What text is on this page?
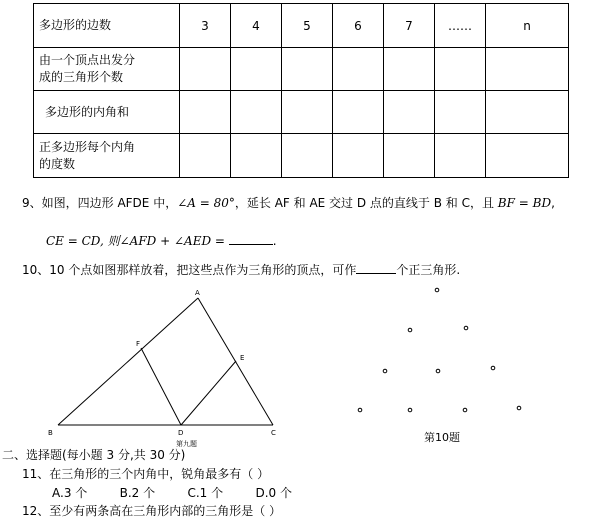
多边形的边数	3	4	5	6	7	……	n

由一个顶点出发分
成的三角形个数							

多边形的内角和							

正多边形每个内角
的度数							

9、如图，四边形 AFDE 中，∠A = 80°，延长 AF 和 AE 交过 D 点的直线于 B 和 C，且 BF = BD,
CE = CD, 则∠AFD + ∠AED =	.
10、10 个点如图那样放着，把这些点作为三角形的顶点，可作	个正三角形.
A
F
E
B	D	C
第九题	第10题
二、选择题(每小题 3 分,共 30 分)
11、在三角形的三个内角中，锐角最多有（ ）
A.3 个	B.2 个	C.1 个	D.0 个
12、至少有两条高在三角形内部的三角形是（ ）
